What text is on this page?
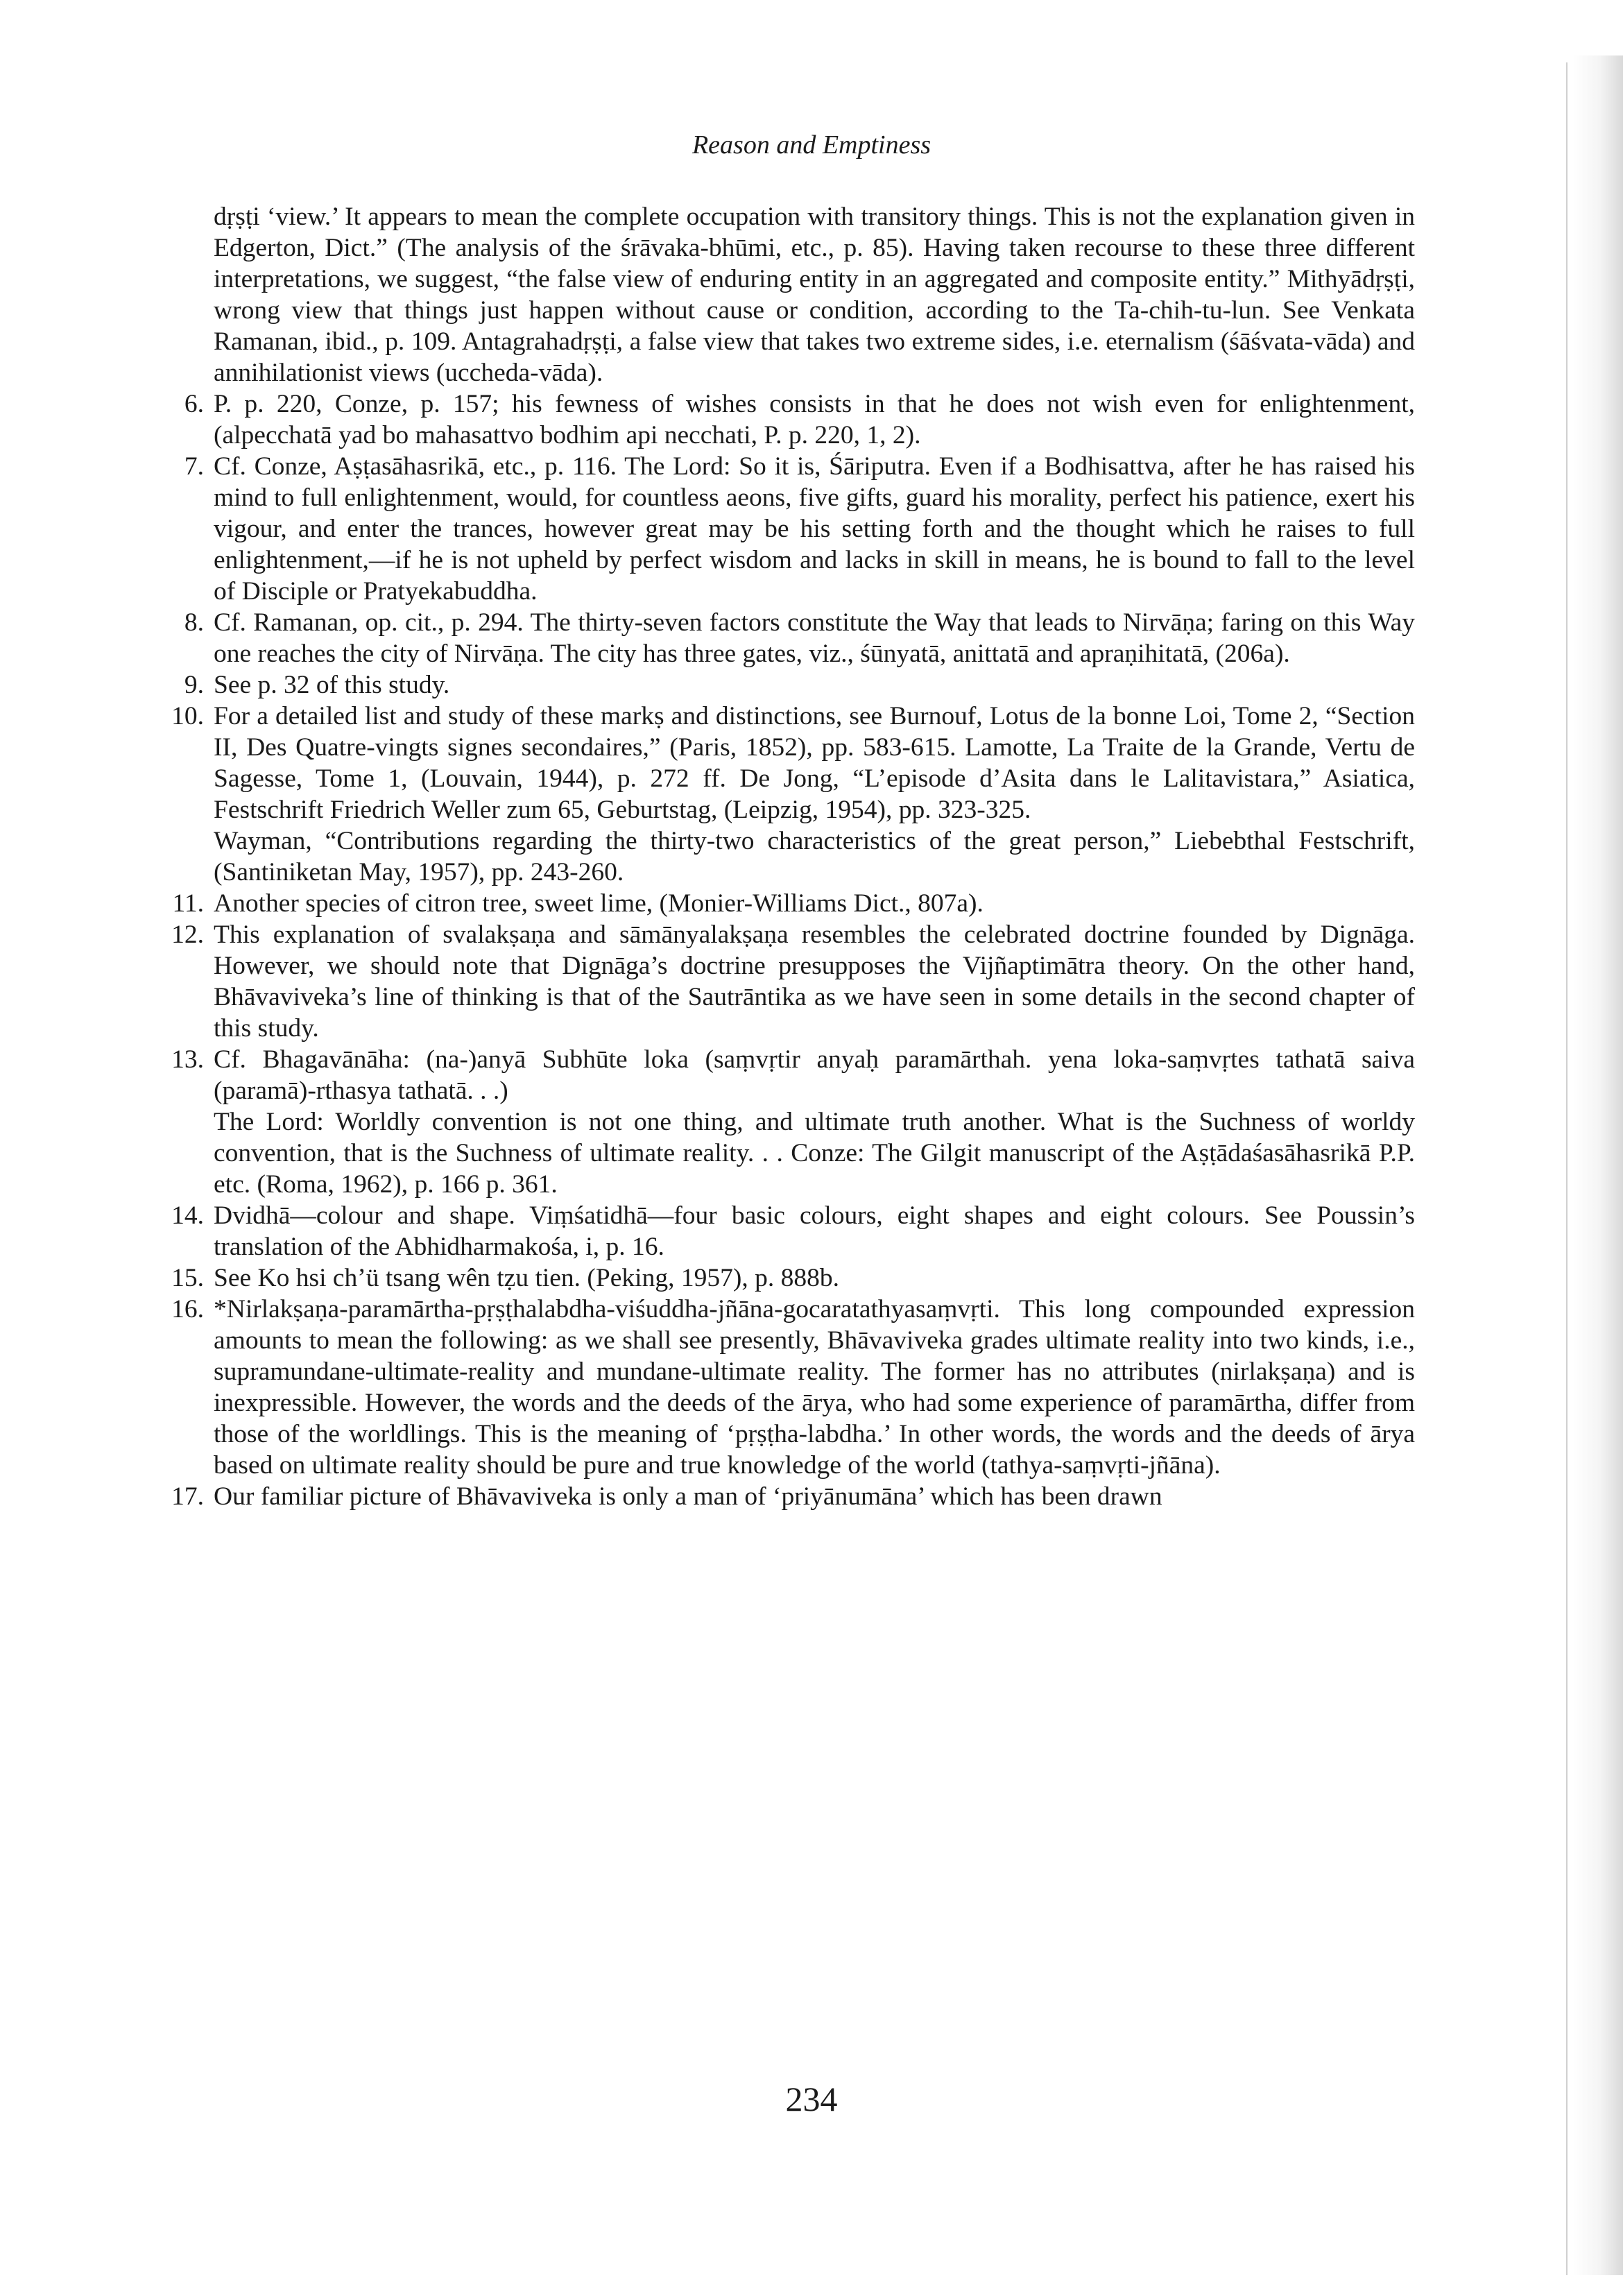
Reason and Emptiness

dṛṣṭi ‘view.’ It appears to mean the complete occupation with transitory things. This is not the explanation given in Edgerton, Dict.” (The analysis of the śrāvaka-bhūmi, etc., p. 85). Having taken recourse to these three different interpretations, we suggest, “the false view of enduring entity in an aggregated and composite entity.” Mithyādṛṣṭi, wrong view that things just happen without cause or condition, according to the Ta-chih-tu-lun. See Venkata Ramanan, ibid., p. 109. Antagrahadṛṣṭi, a false view that takes two extreme sides, i.e. eternalism (śāśvata-vāda) and annihilationist views (uccheda-vāda).

6. P. p. 220, Conze, p. 157; his fewness of wishes consists in that he does not wish even for enlightenment, (alpecchatā yad bo mahasattvo bodhim api necchati, P. p. 220, 1, 2).

7. Cf. Conze, Aṣṭasāhasrikā, etc., p. 116. The Lord: So it is, Śāriputra. Even if a Bodhisattva, after he has raised his mind to full enlightenment, would, for countless aeons, five gifts, guard his morality, perfect his patience, exert his vigour, and enter the trances, however great may be his setting forth and the thought which he raises to full enlightenment,—if he is not upheld by perfect wisdom and lacks in skill in means, he is bound to fall to the level of Disciple or Pratyekabuddha.

8. Cf. Ramanan, op. cit., p. 294. The thirty-seven factors constitute the Way that leads to Nirvāṇa; faring on this Way one reaches the city of Nirvāṇa. The city has three gates, viz., śūnyatā, anittatā and apraṇihitatā, (206a).

9. See p. 32 of this study.

10. For a detailed list and study of these markṣ and distinctions, see Burnouf, Lotus de la bonne Loi, Tome 2, “Section II, Des Quatre-vingts signes secondaires,” (Paris, 1852), pp. 583-615. Lamotte, La Traite de la Grande, Vertu de Sagesse, Tome 1, (Louvain, 1944), p. 272 ff. De Jong, “L’episode d’Asita dans le Lalitavistara,” Asiatica, Festschrift Friedrich Weller zum 65, Geburtstag, (Leipzig, 1954), pp. 323-325.

Wayman, “Contributions regarding the thirty-two characteristics of the great person,” Liebebthal Festschrift, (Santiniketan May, 1957), pp. 243-260.

11. Another species of citron tree, sweet lime, (Monier-Williams Dict., 807a).

12. This explanation of svalakṣaṇa and sāmānyalakṣaṇa resembles the celebrated doctrine founded by Dignāga. However, we should note that Dignāga’s doctrine presupposes the Vijñaptimātra theory. On the other hand, Bhāvaviveka’s line of thinking is that of the Sautrāntika as we have seen in some details in the second chapter of this study.

13. Cf. Bhagavānāha: (na-)anyā Subhūte loka (saṃvṛtir anyaḥ paramārthah. yena loka-saṃvṛtes tathatā saiva (paramā)-rthasya tathatā. . .)

The Lord: Worldly convention is not one thing, and ultimate truth another. What is the Suchness of worldy convention, that is the Suchness of ultimate reality. . . Conze: The Gilgit manuscript of the Aṣṭādaśasāhasrikā P.P. etc. (Roma, 1962), p. 166 p. 361.

14. Dvidhā—colour and shape. Viṃśatidhā—four basic colours, eight shapes and eight colours. See Poussin’s translation of the Abhidharmakośa, i, p. 16.

15. See Ko hsi ch’ü tsang wên tẓu tien. (Peking, 1957), p. 888b.

16. *Nirlakṣaṇa-paramārtha-pṛṣṭhalabdha-viśuddha-jñāna-gocaratathyasaṃvṛti. This long compounded expression amounts to mean the following: as we shall see presently, Bhāvaviveka grades ultimate reality into two kinds, i.e., supramundane-ultimate-reality and mundane-ultimate reality. The former has no attributes (nirlakṣaṇa) and is inexpressible. However, the words and the deeds of the ārya, who had some experience of paramārtha, differ from those of the worldlings. This is the meaning of ‘pṛṣṭha-labdha.’ In other words, the words and the deeds of ārya based on ultimate reality should be pure and true knowledge of the world (tathya-saṃvṛti-jñāna).

17. Our familiar picture of Bhāvaviveka is only a man of ‘priyānumāna’ which has been drawn

234
